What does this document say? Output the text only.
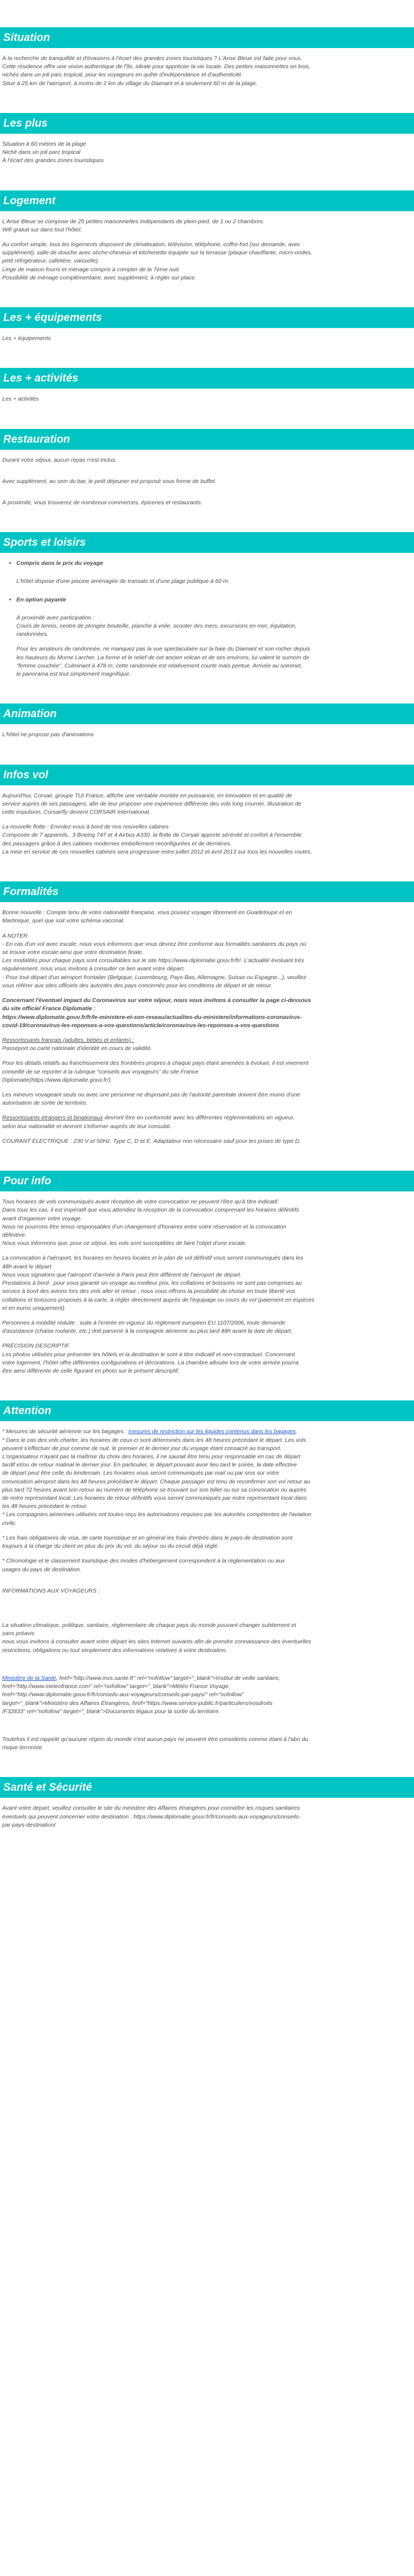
Situation
À la recherche de tranquillité et d'évasions à l'écart des grandes zones touristiques ? L'Anse Bleue est faite pour vous.
Cette résidence offre une vision authentique de l'île, idéale pour apprécier la vie locale. Des petites maisonnettes en bois,
nichés dans un joli parc tropical, pour les voyageurs en quête d'indépendance et d'authenticité.
Situé à 25 km de l'aéroport, à moins de 2 km du village du Diamant et à seulement 60 m de la plage.
Les plus
Situation à 60 mètres de la plage
Niché dans un joli parc tropical
À l'écart des grandes zones touristiques
Logement
L'Anse Bleue se compose de 25 petites maisonnettes indépendants de plein-pied, de 1 ou 2 chambres.
Wifi gratuit sur dans tout l'hôtel.
Au confort simple, tous les logements disposent de climatisation, télévision, téléphone, coffre-fort (sur demande, avec
supplément), salle de douche avec sèche-cheveux et kitchenette équipée sur la terrasse (plaque chauffante, micro-ondes,
petit réfrigérateur, cafetière, vaisselle).
Linge de maison fourni et ménage compris à compter de la 7ème nuit.
Possibilité de ménage complémentaire, avec supplément, à régler sur place.
Les + équipements
Les + équipements
Les + activités
Les + activités
Restauration
Durant votre séjour, aucun repas n'est inclus.
Avec supplément, au sein du bar, le petit déjeuner est proposé sous forme de buffet.
À proximité, vous trouverez de nombreux commerces, épiceries et restaurants.
Sports et loisirs
• Compris dans le prix du voyage
L'hôtel dispose d'une piscine aménagée de transats et d'une plage publique à 60 m.
• En option payante
À proximité avec participation :
Cours de tennis, centre de plongée bouteille, planche à voile, scooter des mers, excursions en mer, équitation,
randonnées.
Pour les amateurs de randonnée, ne manquez pas la vue spectaculaire sur la baie du Diamant et son rocher depuis
les hauteurs du Morne Larcher. La forme et le relief de cet ancien volcan et de ses environs, lui valent le surnom de
"femme couchée". Culminant à 478 m, cette randonnée est relativement courte mais pentue. Arrivée au sommet,
le panorama est tout simplement magnifique.
Animation
L'hôtel ne propose pas d'animations
Infos vol
Aujourd'hui, Corsair, groupe TUI France, affiche une véritable montée en puissance, en innovation et en qualité de
service auprès de ses passagers, afin de leur proposer une expérience différente des vols long courrier. Illustration de
cette impulsion, Corsairfly devient CORSAIR International.
La nouvelle flotte : Envolez-vous à bord de nos nouvelles cabines
Composée de 7 appareils.. 3 Boeing 747 et 4 Airbus A330, la flotte de Corsair apporte sérénité et confort à l'ensemble
des passagers grâce à des cabines modernes embellement reconfigurées et de dernières.
La mise en service de ces nouvelles cabines sera progressive entre juillet 2012 et avril 2013 sur tous les nouvelles routes.
Formalités
Bonne nouvelle : Compte tenu de votre nationalité française, vous pouvez voyager librement en Guadeloupe et en
Martinique, quel que soit votre schéma vaccinal.
A NOTER
- En cas d'un vol avec escale, nous vous informons que vous devrez être conforme aux formalités sanitaires du pays où
se trouve votre escale ainsi que votre destination finale.
Les modalités pour chaque pays sont consultables sur le site https://www.diplomatie.gouv.fr/fr/. L'actualité évoluant très
régulièrement, nous vous invitons à consulter ce lien avant votre départ.
- Pour tout départ d'un aéroport frontalier (Belgique, Luxembourg, Pays-Bas, Allemagne, Suisse ou Espagne...), veuillez
vous référer aux sites officiels des autorités des pays concernés pour les conditions de départ et de retour.
Concernant l'éventuel impact du Coronavirus sur votre séjour, nous vous invitons à consulter la page ci-dessous
du site officiel France Diplomatie :
https://www.diplomatie.gouv.fr/fr/le-ministere-et-son-reseau/actualites-du-ministere/informations-coronavirus-
covid-19/coronavirus-les-reponses-a-vos-questions/article/coronavirus-les-reponses-a-vos-questions
Ressortissants français (adultes, bébés et enfants) :
Passeport ou carte nationale d'identité en cours de validité.
Pour les détails relatifs au franchissement des frontières propres à chaque pays étant amenées à évoluer, il est vivement
conseillé de se reporter à la rubrique "conseils aux voyageurs" du site France
Diplomatie(https://www.diplomatie.gouv.fr/).
Les mineurs voyageant seuls ou avec une personne ne disposant pas de l'autorité parentale doivent être munis d'une
autorisation de sortie de territoire.
Ressortissants étrangers et binationaux devront être en conformité avec les différentes réglementations en vigueur,
selon leur nationalité et devront s'informer auprès de leur consulat.
COURANT ÉLECTRIQUE : 230 V et 50Hz. Type C, D et E. Adaptateur non nécessaire sauf pour les prises de type D.
Pour info
Tous horaires de vols communiqués avant réception de votre convocation ne peuvent l'être qu'à titre indicatif.
Dans tous les cas, il est impératif que vous attendiez la réception de la convocation comprenant les horaires définitifs
avant d'organiser votre voyage.
Nous ne pourrons être tenus responsables d'un changement d'horaires entre votre réservation et la convocation
définitive.
Nous vous informons que, pour ce séjour, les vols sont susceptibles de faire l'objet d'une escale.
La convocation à l'aéroport, les horaires en heures locales et le plan de vol définitif vous seront communiqués dans les
48h avant le départ.
Nous vous signalons que l'aéroport d'arrivée à Paris peut être différent de l'aéroport de départ.
Prestations à bord : pour vous garantir un voyage au meilleur prix, les collations et boissons ne sont pas comprises au
service à bord des avions lors des vols aller et retour ; nous vous offrons la possibilité de choisir en toute liberté vos
collations et boissons proposés à la carte, à régler directement auprès de l'équipage ou cours du vol (paiement en espèces
et en euros uniquement).
Personnes à mobilité réduite : suite à l'entrée en vigueur du règlement européen EU 1107/2006, toute demande
d'assistance (chaise roulante, etc.) doit parvenir à la compagnie aérienne au plus tard 48h avant la date de départ.
PRÉCISION DESCRIPTIF
Les photos utilisées pour présenter les hôtels et la destination le sont à titre indicatif et non-contractuel. Concernant
votre logement, l'hôtel offre différentes configurations et décorations. La chambre allouée lors de votre arrivée pourra
être ainsi différente de celle figurant en photo sur le présent descriptif.
Attention
* Mesures de sécurité aérienne sur les bagages : mesures de restriction sur les liquides contenus dans les bagages.
* Dans le cas des vols charter, les horaires de ceux-ci sont déterminés dans les 48 heures précédant le départ. Les vols
peuvent s'effectuer de jour comme de nuit, le premier et le dernier jour du voyage étant consacré au transport.
L'organisateur n'ayant pas la maîtrise du choix des horaires, il ne saurait être tenu pour responsable en cas de départ
tardif et/ou de retour matinal le dernier jour. En particulier, le départ pouvant avoir lieu tard le soirée, la date effective
de départ peut être celle du lendemain. Les horaires vous seront communiqués par mail ou par sms sur votre
convocation aéroport dans les 48 heures précédant le départ. Chaque passager est tenu de reconfirmer son vol retour au
plus tard 72 heures avant son retour au numéro de téléphone se trouvant sur son billet ou sur sa convocation ou auprès
de notre représentant local. Les horaires de retour définitifs vous seront communiqués par notre représentant local dans
les 48 heures précédant le retour.
* Les compagnies aériennes utilisées ont toutes reçu les autorisations requises par les autorités compétentes de l'aviation
civile.
* Les frais obligatoires de visa, de carte touristique et en général les frais d'entrée dans le pays de destination sont
toujours à la charge du client en plus du prix du vol, du séjour ou du circuit déjà réglé.
* Chronologie et le classement touristique des modes d'hébergement correspondent à la réglementation ou aux
usages du pays de destination.
INFORMATIONS AUX VOYAGEURS :
La situation climatique, politique, sanitaire, réglementaire de chaque pays du monde pouvant changer subitement et
sans préavis
nous vous invitons à consulter avant votre départ les sites Internet suivants afin de prendre connaissance des éventuelles
restrictions, obligations ou tout simplement des informations relatives à votre destination.
Ministère de la Santé, href="http://www.invs.sante.fr" rel="nofollow" target="_blank">Institut de veille sanitaire,
href="http://www.meteofrance.com" rel="nofollow" target="_blank">Météo France Voyage,
href="http://www.diplomatie.gouv.fr/fr/conseils-aux-voyageurs/conseils-par-pays/" rel="nofollow"
target="_blank">Ministère des Affaires Étrangères, href="https://www.service-public.fr/particuliers/vosdroits
/F32833" rel="nofollow" target="_blank">Documents légaux pour la sortie du territoire.
Toutefois il est rappelé qu'aucune région du monde n'est aucun pays ne peuvent être considérés comme étant à l'abri du
risque terroriste.
Santé et Sécurité
Avant votre départ, veuillez consulter le site du ministère des Affaires étrangères pour connaître les risques sanitaires
éventuels qui peuvent concerner votre destination : https://www.diplomatie.gouv.fr/fr/conseils-aux-voyageurs/conseils-
par-pays-destination/
